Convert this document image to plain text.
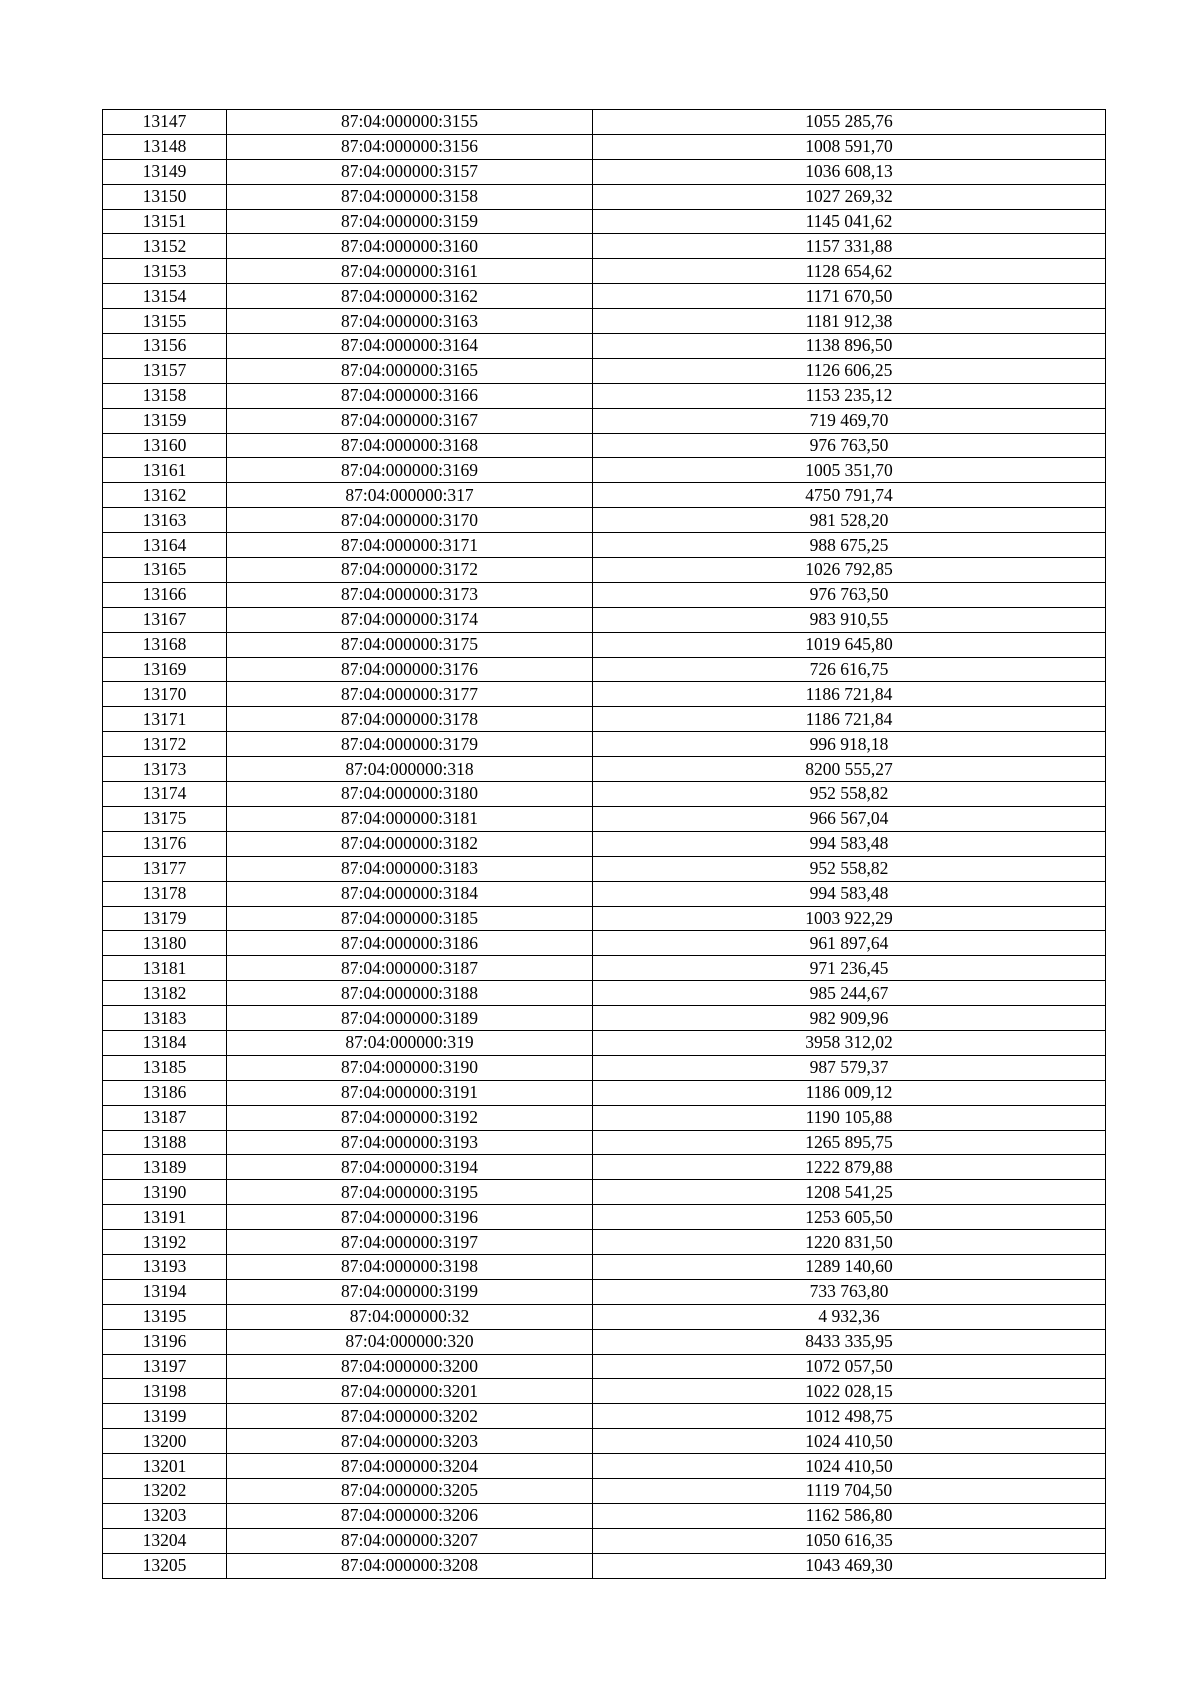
13147	87:04:000000:3155	1055 285,76
13148	87:04:000000:3156	1008 591,70
13149	87:04:000000:3157	1036 608,13
13150	87:04:000000:3158	1027 269,32
13151	87:04:000000:3159	1145 041,62
13152	87:04:000000:3160	1157 331,88
13153	87:04:000000:3161	1128 654,62
13154	87:04:000000:3162	1171 670,50
13155	87:04:000000:3163	1181 912,38
13156	87:04:000000:3164	1138 896,50
13157	87:04:000000:3165	1126 606,25
13158	87:04:000000:3166	1153 235,12
13159	87:04:000000:3167	719 469,70
13160	87:04:000000:3168	976 763,50
13161	87:04:000000:3169	1005 351,70
13162	87:04:000000:317	4750 791,74
13163	87:04:000000:3170	981 528,20
13164	87:04:000000:3171	988 675,25
13165	87:04:000000:3172	1026 792,85
13166	87:04:000000:3173	976 763,50
13167	87:04:000000:3174	983 910,55
13168	87:04:000000:3175	1019 645,80
13169	87:04:000000:3176	726 616,75
13170	87:04:000000:3177	1186 721,84
13171	87:04:000000:3178	1186 721,84
13172	87:04:000000:3179	996 918,18
13173	87:04:000000:318	8200 555,27
13174	87:04:000000:3180	952 558,82
13175	87:04:000000:3181	966 567,04
13176	87:04:000000:3182	994 583,48
13177	87:04:000000:3183	952 558,82
13178	87:04:000000:3184	994 583,48
13179	87:04:000000:3185	1003 922,29
13180	87:04:000000:3186	961 897,64
13181	87:04:000000:3187	971 236,45
13182	87:04:000000:3188	985 244,67
13183	87:04:000000:3189	982 909,96
13184	87:04:000000:319	3958 312,02
13185	87:04:000000:3190	987 579,37
13186	87:04:000000:3191	1186 009,12
13187	87:04:000000:3192	1190 105,88
13188	87:04:000000:3193	1265 895,75
13189	87:04:000000:3194	1222 879,88
13190	87:04:000000:3195	1208 541,25
13191	87:04:000000:3196	1253 605,50
13192	87:04:000000:3197	1220 831,50
13193	87:04:000000:3198	1289 140,60
13194	87:04:000000:3199	733 763,80
13195	87:04:000000:32	4 932,36
13196	87:04:000000:320	8433 335,95
13197	87:04:000000:3200	1072 057,50
13198	87:04:000000:3201	1022 028,15
13199	87:04:000000:3202	1012 498,75
13200	87:04:000000:3203	1024 410,50
13201	87:04:000000:3204	1024 410,50
13202	87:04:000000:3205	1119 704,50
13203	87:04:000000:3206	1162 586,80
13204	87:04:000000:3207	1050 616,35
13205	87:04:000000:3208	1043 469,30
